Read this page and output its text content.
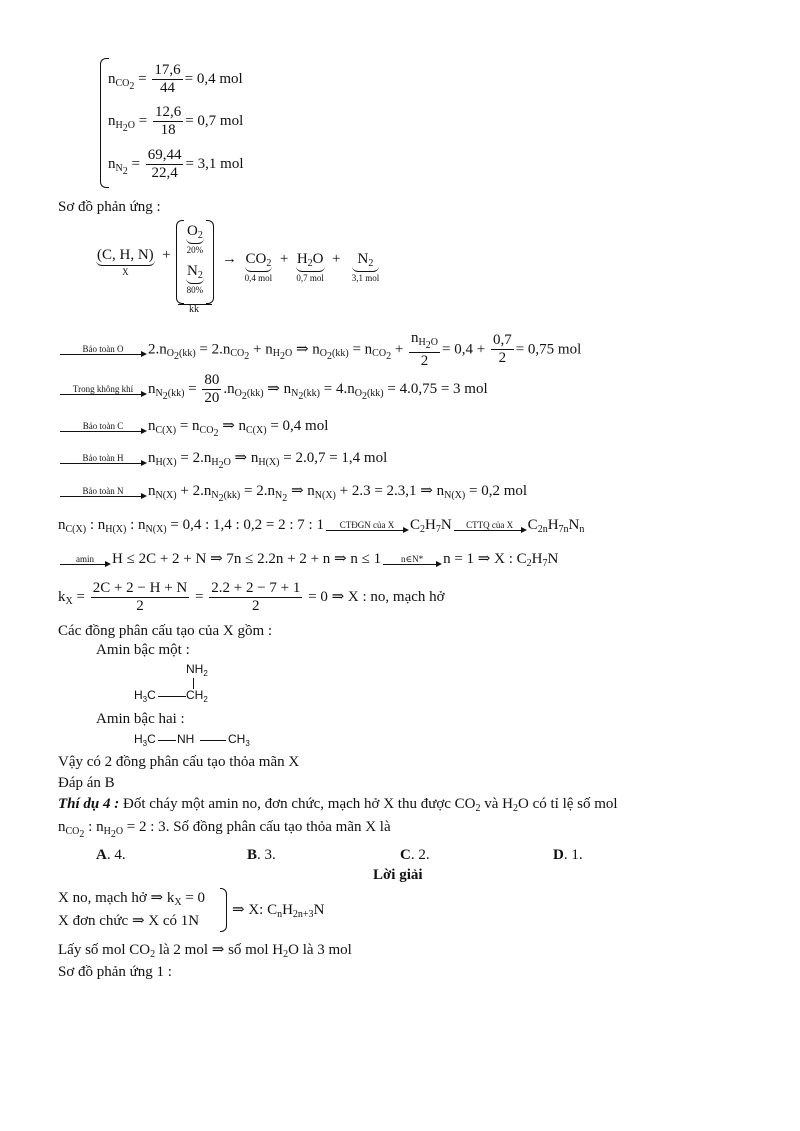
$n_{CO_2} = \frac{17,6}{44} = 0,4$ mol
$n_{H_2O} = \frac{12,6}{18} = 0,7$ mol
$n_{N_2} = \frac{69,44}{22,4} = 3,1$ mol
Sơ đồ phản ứng :
(C, H, N)
X
+
$O_2$
20%
$N_2$
80%
kk
→ $CO_2$
0,4 mol
+ $H_2O$
0,7 mol
+ $N_2$
3,1 mol
Bảo toàn O	$2.n_{O_2(kk)} = 2.n_{CO_2} + n_{H_2O}$ ⇒ $n_{O_2(kk)} = n_{CO_2} + \frac{n_{H_2O}}{2} = 0,4 + \frac{0,7}{2} = 0,75$ mol
Trong không khí $n_{N_2(kk)} = \frac{80}{20} .n_{O_2(kk)}$ ⇒ $n_{N_2(kk)} = 4.n_{O_2(kk)} = 4.0,75 = 3$ mol
Bảo toàn C	$n_{C(X)} = n_{CO_2}$ ⇒ $n_{C(X)} = 0,4$ mol
Bảo toàn H	$n_{H(X)} = 2.n_{H_2O}$ ⇒ $n_{H(X)} = 2.0,7 = 1,4$ mol
Bảo toàn N	$n_{N(X)} + 2.n_{N_2(kk)} = 2.n_{N_2}$ ⇒ $n_{N(X)} + 2.3 = 2.3,1$ ⇒ $n_{N(X)} = 0,2$ mol
$n_{C(X)}$ : $n_{H(X)}$ : $n_{N(X)} = 0,4$ : 1,4 : 0,2 = 2 : 7 : 1	CTĐGN của X	$C_2H_7N$	CTTQ của X $C_{2n}H_{7n}N_n$
amin	H ≤ 2C + 2 + N ⇒ 7n ≤ 2.2n + 2 + n ⇒ n ≤ 1	n∈N*	n = 1 ⇒ X : $C_2H_7N$
$k_X = \frac{2C + 2 - H + N}{2} = \frac{2.2 + 2 - 7 + 1}{2} = 0$ ⇒ X : no, mạch hở
Các đồng phân cấu tạo của X gồm :
Amin bậc một :
$NH_2$
$H_3C$	$CH_2$
Amin bậc hai :
$H_3C$ NH	$CH_3$
Vậy có 2 đồng phân cấu tạo thỏa mãn X
Đáp án B
Thí dụ 4 : Đốt cháy một amin no, đơn chức, mạch hở X thu được $CO_2$ và $H_2O$ có tỉ lệ số mol
$n_{CO_2}$ : $n_{H_2O} = 2$ : 3. Số đồng phân cấu tạo thỏa mãn X là
A. 4.	B. 3.	C. 2.	D. 1.
Lời giải
X no, mạch hở ⇒ $k_X = 0$
X đơn chức ⇒ X có 1N
⇒ X: $C_nH_{2n+3}N$
Lấy số mol $CO_2$ là 2 mol ⇒ số mol $H_2O$ là 3 mol
Sơ đồ phản ứng 1 :
